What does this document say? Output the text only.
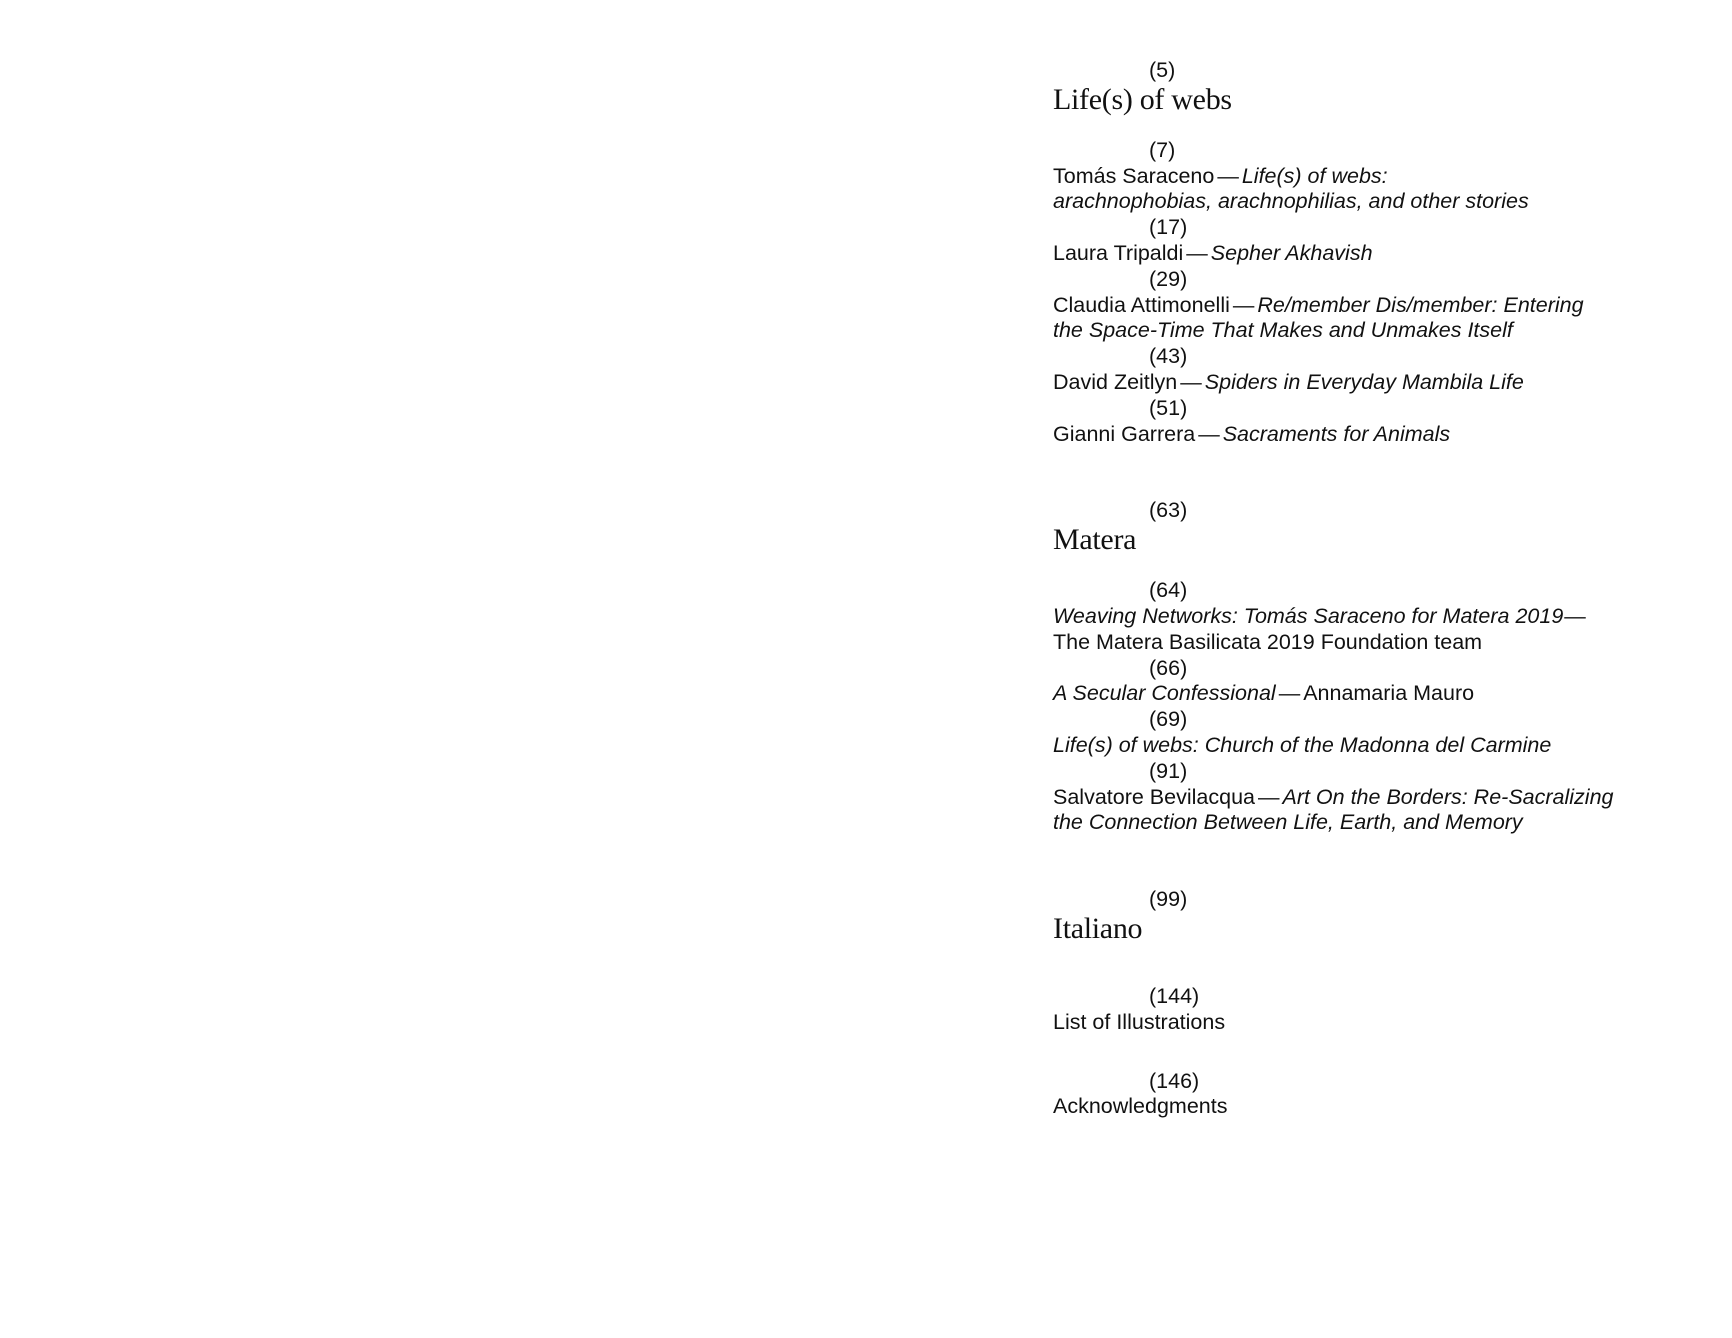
(5)
Life(s) of webs
(7)
Tomás Saraceno — Life(s) of webs:
arachnophobias, arachnophilias, and other stories
(17)
Laura Tripaldi — Sepher Akhavish
(29)
Claudia Attimonelli — Re/member Dis/member: Entering
the Space-Time That Makes and Unmakes Itself
(43)
David Zeitlyn — Spiders in Everyday Mambila Life
(51)
Gianni Garrera — Sacraments for Animals
(63)
Matera
(64)
Weaving Networks: Tomás Saraceno for Matera 2019—
The Matera Basilicata 2019 Foundation team
(66)
A Secular Confessional — Annamaria Mauro
(69)
Life(s) of webs: Church of the Madonna del Carmine
(91)
Salvatore Bevilacqua — Art On the Borders: Re-Sacralizing
the Connection Between Life, Earth, and Memory
(99)
Italiano
(144)
List of Illustrations
(146)
Acknowledgments
